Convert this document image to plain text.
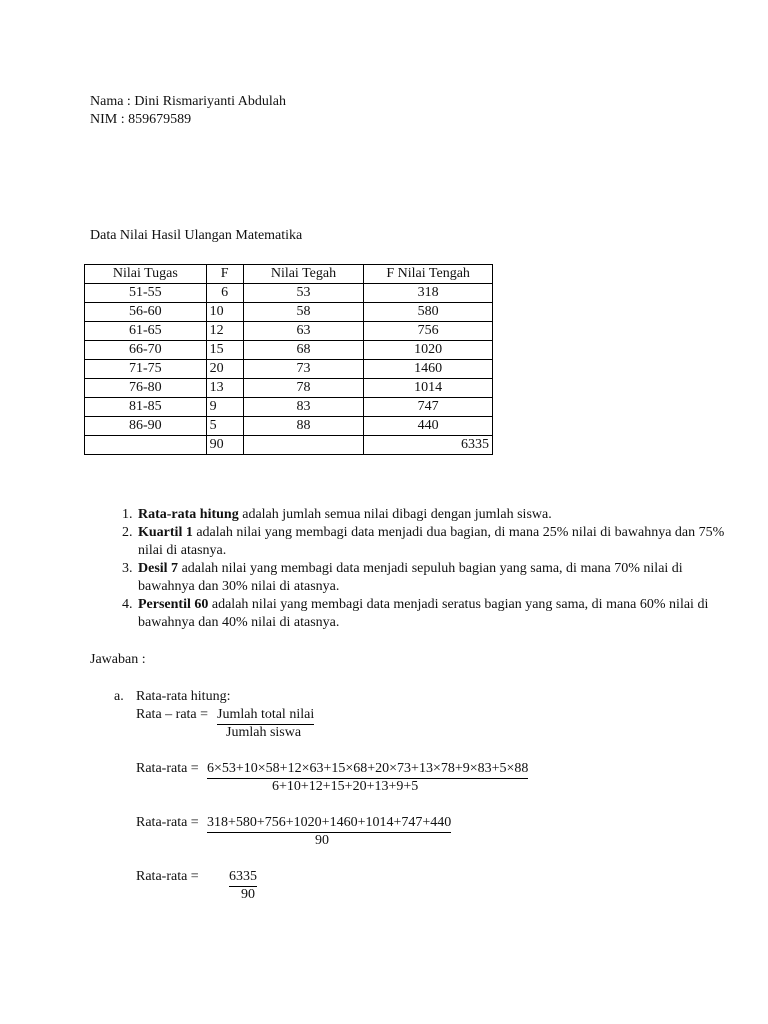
Nama : Dini Rismariyanti Abdulah
NIM : 859679589
Data Nilai Hasil Ulangan Matematika
Nilai Tugas	F	Nilai Tegah	F Nilai Tengah
51-55	6	53	318
56-60	10	58	580
61-65	12	63	756
66-70	15	68	1020
71-75	20	73	1460
76-80	13	78	1014
81-85	9	83	747
86-90	5	88	440
	90		6335
1. Rata-rata hitung adalah jumlah semua nilai dibagi dengan jumlah siswa.
2. Kuartil 1 adalah nilai yang membagi data menjadi dua bagian, di mana 25% nilai di bawahnya dan 75% nilai di atasnya.
3. Desil 7 adalah nilai yang membagi data menjadi sepuluh bagian yang sama, di mana 70% nilai di bawahnya dan 30% nilai di atasnya.
4. Persentil 60 adalah nilai yang membagi data menjadi seratus bagian yang sama, di mana 60% nilai di bawahnya dan 40% nilai di atasnya.
Jawaban :
a. Rata-rata hitung:
Rata – rata = Jumlah total nilai
Jumlah siswa
Rata-rata = 6×53+10×58+12×63+15×68+20×73+13×78+9×83+5×88
6+10+12+15+20+13+9+5
Rata-rata = 318+580+756+1020+1460+1014+747+440
90
Rata-rata = 6335
90
